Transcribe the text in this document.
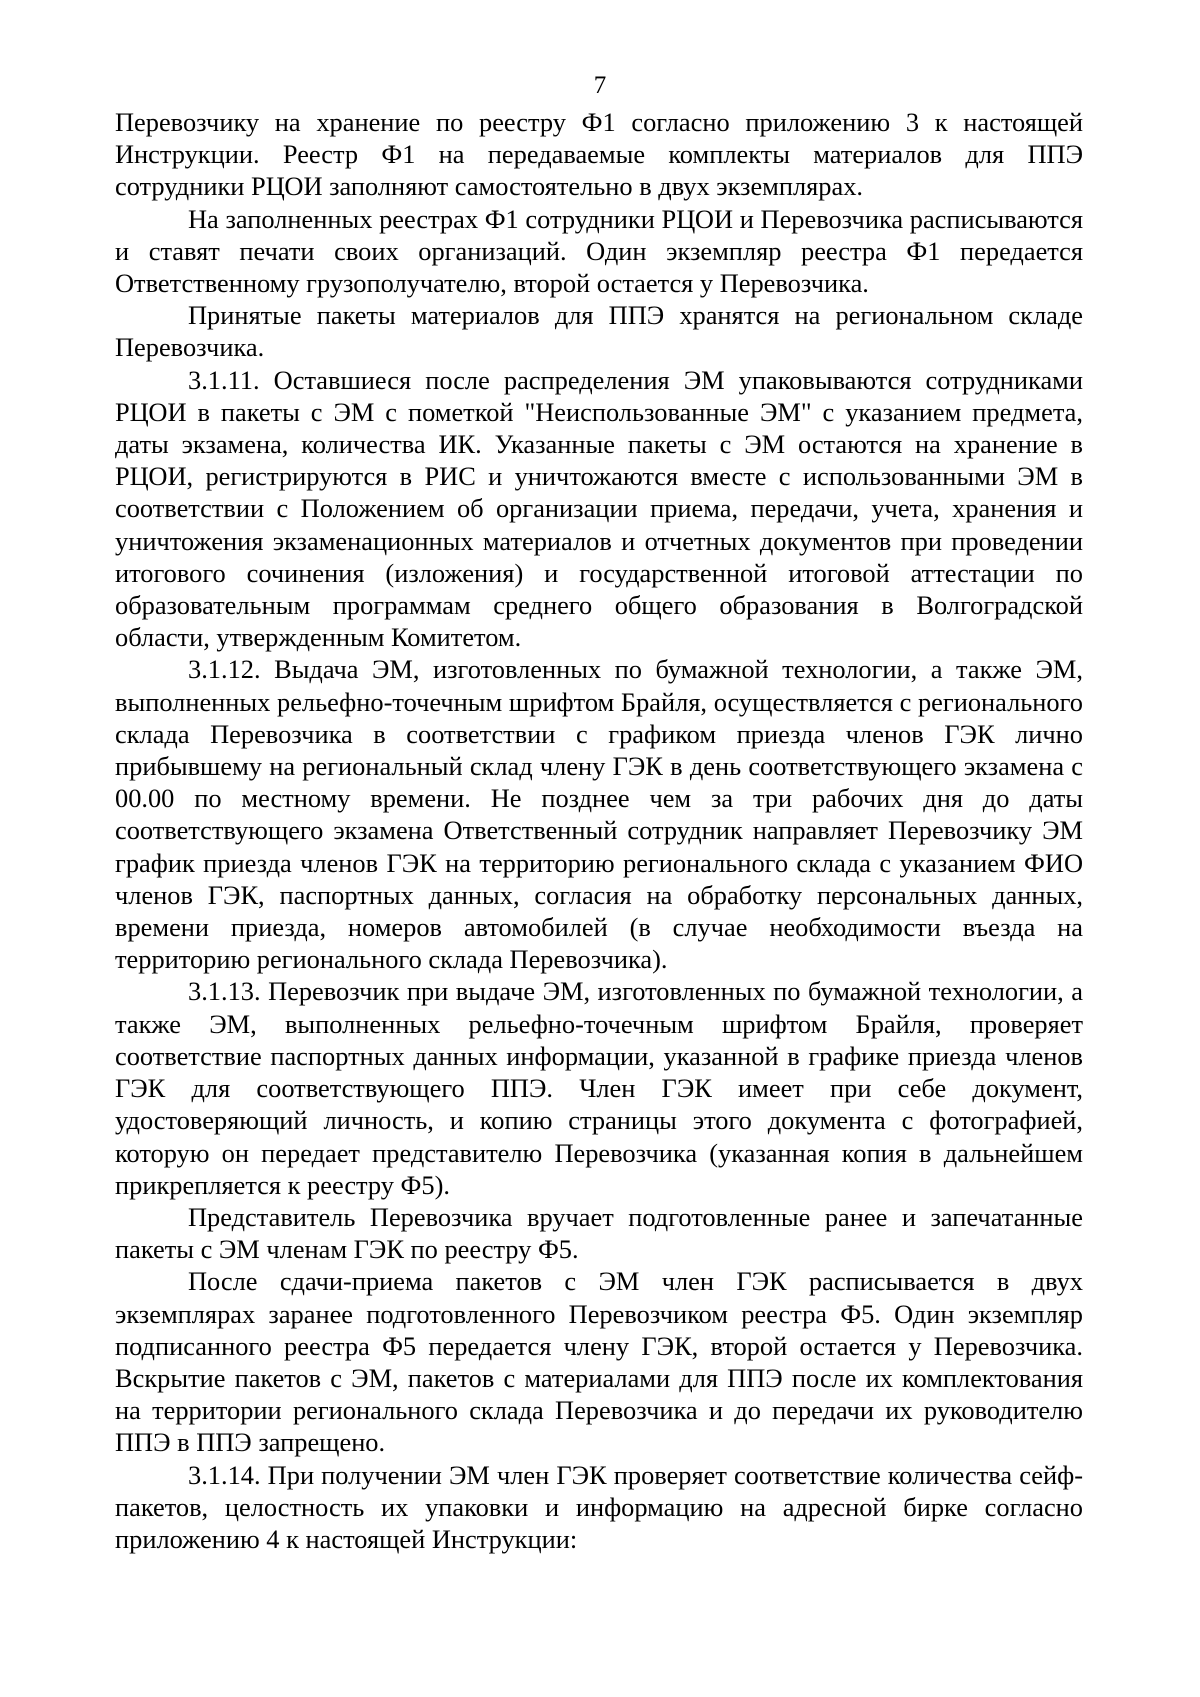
7

Перевозчику на хранение по реестру Ф1 согласно приложению 3 к настоящей Инструкции. Реестр Ф1 на передаваемые комплекты материалов для ППЭ сотрудники РЦОИ заполняют самостоятельно в двух экземплярах.

На заполненных реестрах Ф1 сотрудники РЦОИ и Перевозчика расписываются и ставят печати своих организаций. Один экземпляр реестра Ф1 передается Ответственному грузополучателю, второй остается у Перевозчика.

Принятые пакеты материалов для ППЭ хранятся на региональном складе Перевозчика.

3.1.11. Оставшиеся после распределения ЭМ упаковываются сотрудниками РЦОИ в пакеты с ЭМ с пометкой "Неиспользованные ЭМ" с указанием предмета, даты экзамена, количества ИК. Указанные пакеты с ЭМ остаются на хранение в РЦОИ, регистрируются в РИС и уничтожаются вместе с использованными ЭМ в соответствии с Положением об организации приема, передачи, учета, хранения и уничтожения экзаменационных материалов и отчетных документов при проведении итогового сочинения (изложения) и государственной итоговой аттестации по образовательным программам среднего общего образования в Волгоградской области, утвержденным Комитетом.

3.1.12. Выдача ЭМ, изготовленных по бумажной технологии, а также ЭМ, выполненных рельефно-точечным шрифтом Брайля, осуществляется с регионального склада Перевозчика в соответствии с графиком приезда членов ГЭК лично прибывшему на региональный склад члену ГЭК в день соответствующего экзамена с 00.00 по местному времени. Не позднее чем за три рабочих дня до даты соответствующего экзамена Ответственный сотрудник направляет Перевозчику ЭМ график приезда членов ГЭК на территорию регионального склада с указанием ФИО членов ГЭК, паспортных данных, согласия на обработку персональных данных, времени приезда, номеров автомобилей (в случае необходимости въезда на территорию регионального склада Перевозчика).

3.1.13. Перевозчик при выдаче ЭМ, изготовленных по бумажной технологии, а также ЭМ, выполненных рельефно-точечным шрифтом Брайля, проверяет соответствие паспортных данных информации, указанной в графике приезда членов ГЭК для соответствующего ППЭ. Член ГЭК имеет при себе документ, удостоверяющий личность, и копию страницы этого документа с фотографией, которую он передает представителю Перевозчика (указанная копия в дальнейшем прикрепляется к реестру Ф5).

Представитель Перевозчика вручает подготовленные ранее и запечатанные пакеты с ЭМ членам ГЭК по реестру Ф5.

После сдачи-приема пакетов с ЭМ член ГЭК расписывается в двух экземплярах заранее подготовленного Перевозчиком реестра Ф5. Один экземпляр подписанного реестра Ф5 передается члену ГЭК, второй остается у Перевозчика. Вскрытие пакетов с ЭМ, пакетов с материалами для ППЭ после их комплектования на территории регионального склада Перевозчика и до передачи их руководителю ППЭ в ППЭ запрещено.

3.1.14. При получении ЭМ член ГЭК проверяет соответствие количества сейф-пакетов, целостность их упаковки и информацию на адресной бирке согласно приложению 4 к настоящей Инструкции:
